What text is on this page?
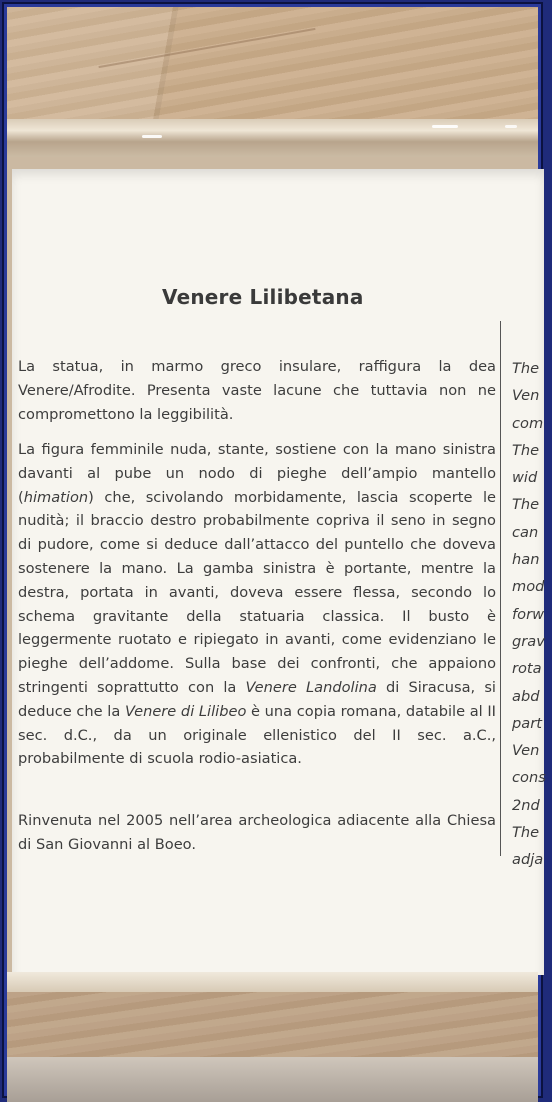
Venere Lilibetana
La statua, in marmo greco insulare, raffigura la dea Venere/Afrodite. Presenta vaste lacune che tuttavia non ne compromettono la leggibilità.
La figura femminile nuda, stante, sostiene con la mano sinistra davanti al pube un nodo di pieghe dell’ampio mantello (himation) che, scivolando morbidamente, lascia scoperte le nudità; il braccio destro probabilmente copriva il seno in segno di pudore, come si deduce dall’attacco del puntello che doveva sostenere la mano. La gamba sinistra è portante, mentre la destra, portata in avanti, doveva essere flessa, secondo lo schema gravitante della statuaria classica. Il busto è leggermente ruotato e ripiegato in avanti, come evidenziano le pieghe dell’addome. Sulla base dei confronti, che appaiono stringenti soprattutto con la Venere Landolina di Siracusa, si deduce che la Venere di Lilibeo è una copia romana, databile al II sec. d.C., da un originale ellenistico del II sec. a.C., probabilmente di scuola rodio-asiatica.
Rinvenuta nel 2005 nell’area archeologica adiacente alla Chiesa di San Giovanni al Boeo.
The
Ven
com
The
wid
The
can
han
mod
forw
grav
rota
abd
part
Ven
cons
2nd
The
adja
